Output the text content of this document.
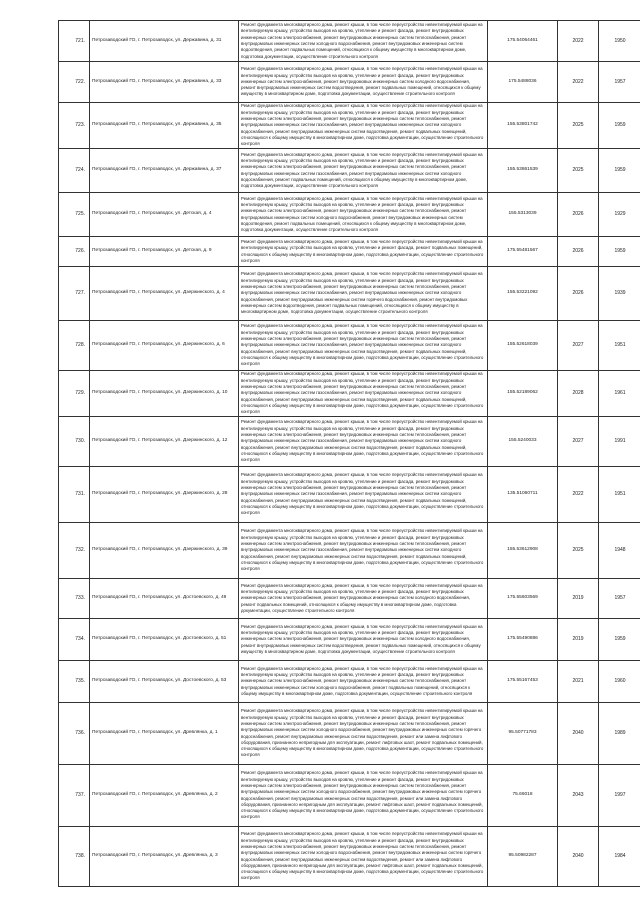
721.	Петрозаводский ГО, г. Петрозаводск, ул. Державина, д. 31	Ремонт фундамента многоквартирного дома, ремонт крыши, в том числе переустройство невентилируемой крыши на вентилируемую крышу, устройство выходов на кровлю, утепление и ремонт фасада, ремонт внутридомовых инженерных систем электроснабжения, ремонт внутридомовых инженерных систем теплоснабжения, ремонт внутридомовых инженерных систем холодного водоснабжения, ремонт внутридомовых инженерных систем водоотведения, ремонт подвальных помещений, относящихся к общему имуществу в многоквартирном доме, подготовка документации, осуществление строительного контроля	175.54064461	2022	1950
722.	Петрозаводский ГО, г. Петрозаводск, ул. Державина, д. 33	Ремонт фундамента многоквартирного дома, ремонт крыши, в том числе переустройство невентилируемой крыши на вентилируемую крышу, устройство выходов на кровлю, утепление и ремонт фасада, ремонт внутридомовых инженерных систем электроснабжения, ремонт внутридомовых инженерных систем холодного водоснабжения, ремонт внутридомовых инженерных систем водоотведения, ремонт подвальных помещений, относящихся к общему имуществу в многоквартирном доме, подготовка документации, осуществление строительного контроля	175.5488036	2022	1957
723.	Петрозаводский ГО, г. Петрозаводск, ул. Державина, д. 35	Ремонт фундамента многоквартирного дома, ремонт крыши, в том числе переустройство невентилируемой крыши на вентилируемую крышу, устройство выходов на кровлю, утепление и ремонт фасада, ремонт внутридомовых инженерных систем электроснабжения, ремонт внутридомовых инженерных систем теплоснабжения, ремонт внутридомовых инженерных систем газоснабжения, ремонт внутридомовых инженерных систем холодного водоснабжения, ремонт внутридомовых инженерных систем водоотведения, ремонт подвальных помещений, относящихся к общему имуществу в многоквартирном доме, подготовка документации, осуществление строительного контроля	155.53801742	2025	1959
724.	Петрозаводский ГО, г. Петрозаводск, ул. Державина, д. 37	Ремонт фундамента многоквартирного дома, ремонт крыши, в том числе переустройство невентилируемой крыши на вентилируемую крышу, устройство выходов на кровлю, утепление и ремонт фасада, ремонт внутридомовых инженерных систем электроснабжения, ремонт внутридомовых инженерных систем теплоснабжения, ремонт внутридомовых инженерных систем газоснабжения, ремонт внутридомовых инженерных систем холодного водоснабжения, ремонт подвальных помещений, относящихся к общему имуществу в многоквартирном доме, подготовка документации, осуществление строительного контроля	155.53861539	2025	1959
725.	Петрозаводский ГО, г. Петрозаводск, ул. Детская, д. 4	Ремонт фундамента многоквартирного дома, ремонт крыши, в том числе переустройство невентилируемой крыши на вентилируемую крышу, устройство выходов на кровлю, утепление и ремонт фасада, ремонт внутридомовых инженерных систем электроснабжения, ремонт внутридомовых инженерных систем теплоснабжения, ремонт внутридомовых инженерных систем холодного водоснабжения, ремонт внутридомовых инженерных систем водоотведения, ремонт подвальных помещений, относящихся к общему имуществу в многоквартирном доме, подготовка документации, осуществление строительного контроля	155.5313039	2026	1929
726.	Петрозаводский ГО, г. Петрозаводск, ул. Детская, д. 9	Ремонт фундамента многоквартирного дома, ремонт крыши, в том числе переустройство невентилируемой крыши на вентилируемую крышу, устройство выходов на кровлю, утепление и ремонт фасада, ремонт подвальных помещений, относящихся к общему имуществу в многоквартирном доме, подготовка документации, осуществление строительного контроля	175.55481567	2026	1959
727.	Петрозаводский ГО, г. Петрозаводск, ул. Дзержинского, д. 4	Ремонт фундамента многоквартирного дома, ремонт крыши, в том числе переустройство невентилируемой крыши на вентилируемую крышу, устройство выходов на кровлю, утепление и ремонт фасада, ремонт внутридомовых инженерных систем электроснабжения, ремонт внутридомовых инженерных систем теплоснабжения, ремонт внутридомовых инженерных систем газоснабжения, ремонт внутридомовых инженерных систем холодного водоснабжения, ремонт внутридомовых инженерных систем горячего водоснабжения, ремонт внутридомовых инженерных систем водоотведения, ремонт подвальных помещений, относящихся к общему имуществу в многоквартирном доме, подготовка документации, осуществление строительного контроля	155.53221092	2026	1939
728.	Петрозаводский ГО, г. Петрозаводск, ул. Дзержинского, д. 6	Ремонт фундамента многоквартирного дома, ремонт крыши, в том числе переустройство невентилируемой крыши на вентилируемую крышу, устройство выходов на кровлю, утепление и ремонт фасада, ремонт внутридомовых инженерных систем электроснабжения, ремонт внутридомовых инженерных систем теплоснабжения, ремонт внутридомовых инженерных систем газоснабжения, ремонт внутридомовых инженерных систем холодного водоснабжения, ремонт внутридомовых инженерных систем водоотведения, ремонт подвальных помещений, относящихся к общему имуществу в многоквартирном доме, подготовка документации, осуществление строительного контроля	155.52618039	2027	1951
729.	Петрозаводский ГО, г. Петрозаводск, ул. Дзержинского, д. 10	Ремонт фундамента многоквартирного дома, ремонт крыши, в том числе переустройство невентилируемой крыши на вентилируемую крышу, устройство выходов на кровлю, утепление и ремонт фасада, ремонт внутридомовых инженерных систем электроснабжения, ремонт внутридомовых инженерных систем теплоснабжения, ремонт внутридомовых инженерных систем газоснабжения, ремонт внутридомовых инженерных систем холодного водоснабжения, ремонт внутридомовых инженерных систем водоотведения, ремонт подвальных помещений, относящихся к общему имуществу в многоквартирном доме, подготовка документации, осуществление строительного контроля	155.52189062	2028	1961
730.	Петрозаводский ГО, г. Петрозаводск, ул. Дзержинского, д. 12	Ремонт фундамента многоквартирного дома, ремонт крыши, в том числе переустройство невентилируемой крыши на вентилируемую крышу, устройство выходов на кровлю, утепление и ремонт фасада, ремонт внутридомовых инженерных систем электроснабжения, ремонт внутридомовых инженерных систем теплоснабжения, ремонт внутридомовых инженерных систем газоснабжения, ремонт внутридомовых инженерных систем холодного водоснабжения, ремонт внутридомовых инженерных систем водоотведения, ремонт подвальных помещений, относящихся к общему имуществу в многоквартирном доме, подготовка документации, осуществление строительного контроля	155.5240033	2027	1991
731.	Петрозаводский ГО, г. Петрозаводск, ул. Дзержинского, д. 28	Ремонт фундамента многоквартирного дома, ремонт крыши, в том числе переустройство невентилируемой крыши на вентилируемую крышу, устройство выходов на кровлю, утепление и ремонт фасада, ремонт внутридомовых инженерных систем электроснабжения, ремонт внутридомовых инженерных систем теплоснабжения, ремонт внутридомовых инженерных систем газоснабжения, ремонт внутридомовых инженерных систем холодного водоснабжения, ремонт внутридомовых инженерных систем водоотведения, ремонт подвальных помещений, относящихся к общему имуществу в многоквартирном доме, подготовка документации, осуществление строительного контроля	135.51060711	2022	1951
732.	Петрозаводский ГО, г. Петрозаводск, ул. Дзержинского, д. 39	Ремонт фундамента многоквартирного дома, ремонт крыши, в том числе переустройство невентилируемой крыши на вентилируемую крышу, устройство выходов на кровлю, утепление и ремонт фасада, ремонт внутридомовых инженерных систем электроснабжения, ремонт внутридомовых инженерных систем теплоснабжения, ремонт внутридомовых инженерных систем газоснабжения, ремонт внутридомовых инженерных систем холодного водоснабжения, ремонт внутридомовых инженерных систем водоотведения, ремонт подвальных помещений, относящихся к общему имуществу в многоквартирном доме, подготовка документации, осуществление строительного контроля	155.53612908	2025	1948
733.	Петрозаводский ГО, г. Петрозаводск, ул. Достоевского, д. 49	Ремонт фундамента многоквартирного дома, ремонт крыши, в том числе переустройство невентилируемой крыши на вентилируемую крышу, устройство выходов на кровлю, утепление и ремонт фасада, ремонт внутридомовых инженерных систем электроснабжения, ремонт внутридомовых инженерных систем холодного водоснабжения, ремонт подвальных помещений, относящихся к общему имуществу в многоквартирном доме, подготовка документации, осуществление строительного контроля	175.55603569	2019	1957
734.	Петрозаводский ГО, г. Петрозаводск, ул. Достоевского, д. 51	Ремонт фундамента многоквартирного дома, ремонт крыши, в том числе переустройство невентилируемой крыши на вентилируемую крышу, устройство выходов на кровлю, утепление и ремонт фасада, ремонт внутридомовых инженерных систем электроснабжения, ремонт внутридомовых инженерных систем холодного водоснабжения, ремонт внутридомовых инженерных систем водоотведения, ремонт подвальных помещений, относящихся к общему имуществу в многоквартирном доме, подготовка документации, осуществление строительного контроля	175.55490886	2019	1959
735.	Петрозаводский ГО, г. Петрозаводск, ул. Достоевского, д. 53	Ремонт фундамента многоквартирного дома, ремонт крыши, в том числе переустройство невентилируемой крыши на вентилируемую крышу, устройство выходов на кровлю, утепление и ремонт фасада, ремонт внутридомовых инженерных систем электроснабжения, ремонт внутридомовых инженерных систем теплоснабжения, ремонт внутридомовых инженерных систем холодного водоснабжения, ремонт подвальных помещений, относящихся к общему имуществу в многоквартирном доме, подготовка документации, осуществление строительного контроля	175.55167453	2021	1960
736.	Петрозаводский ГО, г. Петрозаводск, ул. Древлянка, д. 1	Ремонт фундамента многоквартирного дома, ремонт крыши, в том числе переустройство невентилируемой крыши на вентилируемую крышу, устройство выходов на кровлю, утепление и ремонт фасада, ремонт внутридомовых инженерных систем электроснабжения, ремонт внутридомовых инженерных систем теплоснабжения, ремонт внутридомовых инженерных систем холодного водоснабжения, ремонт внутридомовых инженерных систем горячего водоснабжения, ремонт внутридомовых инженерных систем водоотведения, ремонт или замена лифтового оборудования, признанного непригодным для эксплуатации, ремонт лифтовых шахт, ремонт подвальных помещений, относящихся к общему имуществу в многоквартирном доме, подготовка документации, осуществление строительного контроля	95.50771783	2040	1989
737.	Петрозаводский ГО, г. Петрозаводск, ул. Древлянка, д. 2	Ремонт фундамента многоквартирного дома, ремонт крыши, в том числе переустройство невентилируемой крыши на вентилируемую крышу, устройство выходов на кровлю, утепление и ремонт фасада, ремонт внутридомовых инженерных систем электроснабжения, ремонт внутридомовых инженерных систем теплоснабжения, ремонт внутридомовых инженерных систем холодного водоснабжения, ремонт внутридомовых инженерных систем горячего водоснабжения, ремонт внутридомовых инженерных систем водоотведения, ремонт или замена лифтового оборудования, признанного непригодным для эксплуатации, ремонт лифтовых шахт, ремонт подвальных помещений, относящихся к общему имуществу в многоквартирном доме, подготовка документации, осуществление строительного контроля	75.66018	2043	1997
738.	Петрозаводский ГО, г. Петрозаводск, ул. Древлянка, д. 3	Ремонт фундамента многоквартирного дома, ремонт крыши, в том числе переустройство невентилируемой крыши на вентилируемую крышу, устройство выходов на кровлю, утепление и ремонт фасада, ремонт внутридомовых инженерных систем электроснабжения, ремонт внутридомовых инженерных систем теплоснабжения, ремонт внутридомовых инженерных систем холодного водоснабжения, ремонт внутридомовых инженерных систем горячего водоснабжения, ремонт внутридомовых инженерных систем водоотведения, ремонт или замена лифтового оборудования, признанного непригодным для эксплуатации, ремонт лифтовых шахт, ремонт подвальных помещений, относящихся к общему имуществу в многоквартирном доме, подготовка документации, осуществление строительного контроля	95.50982287	2040	1984
